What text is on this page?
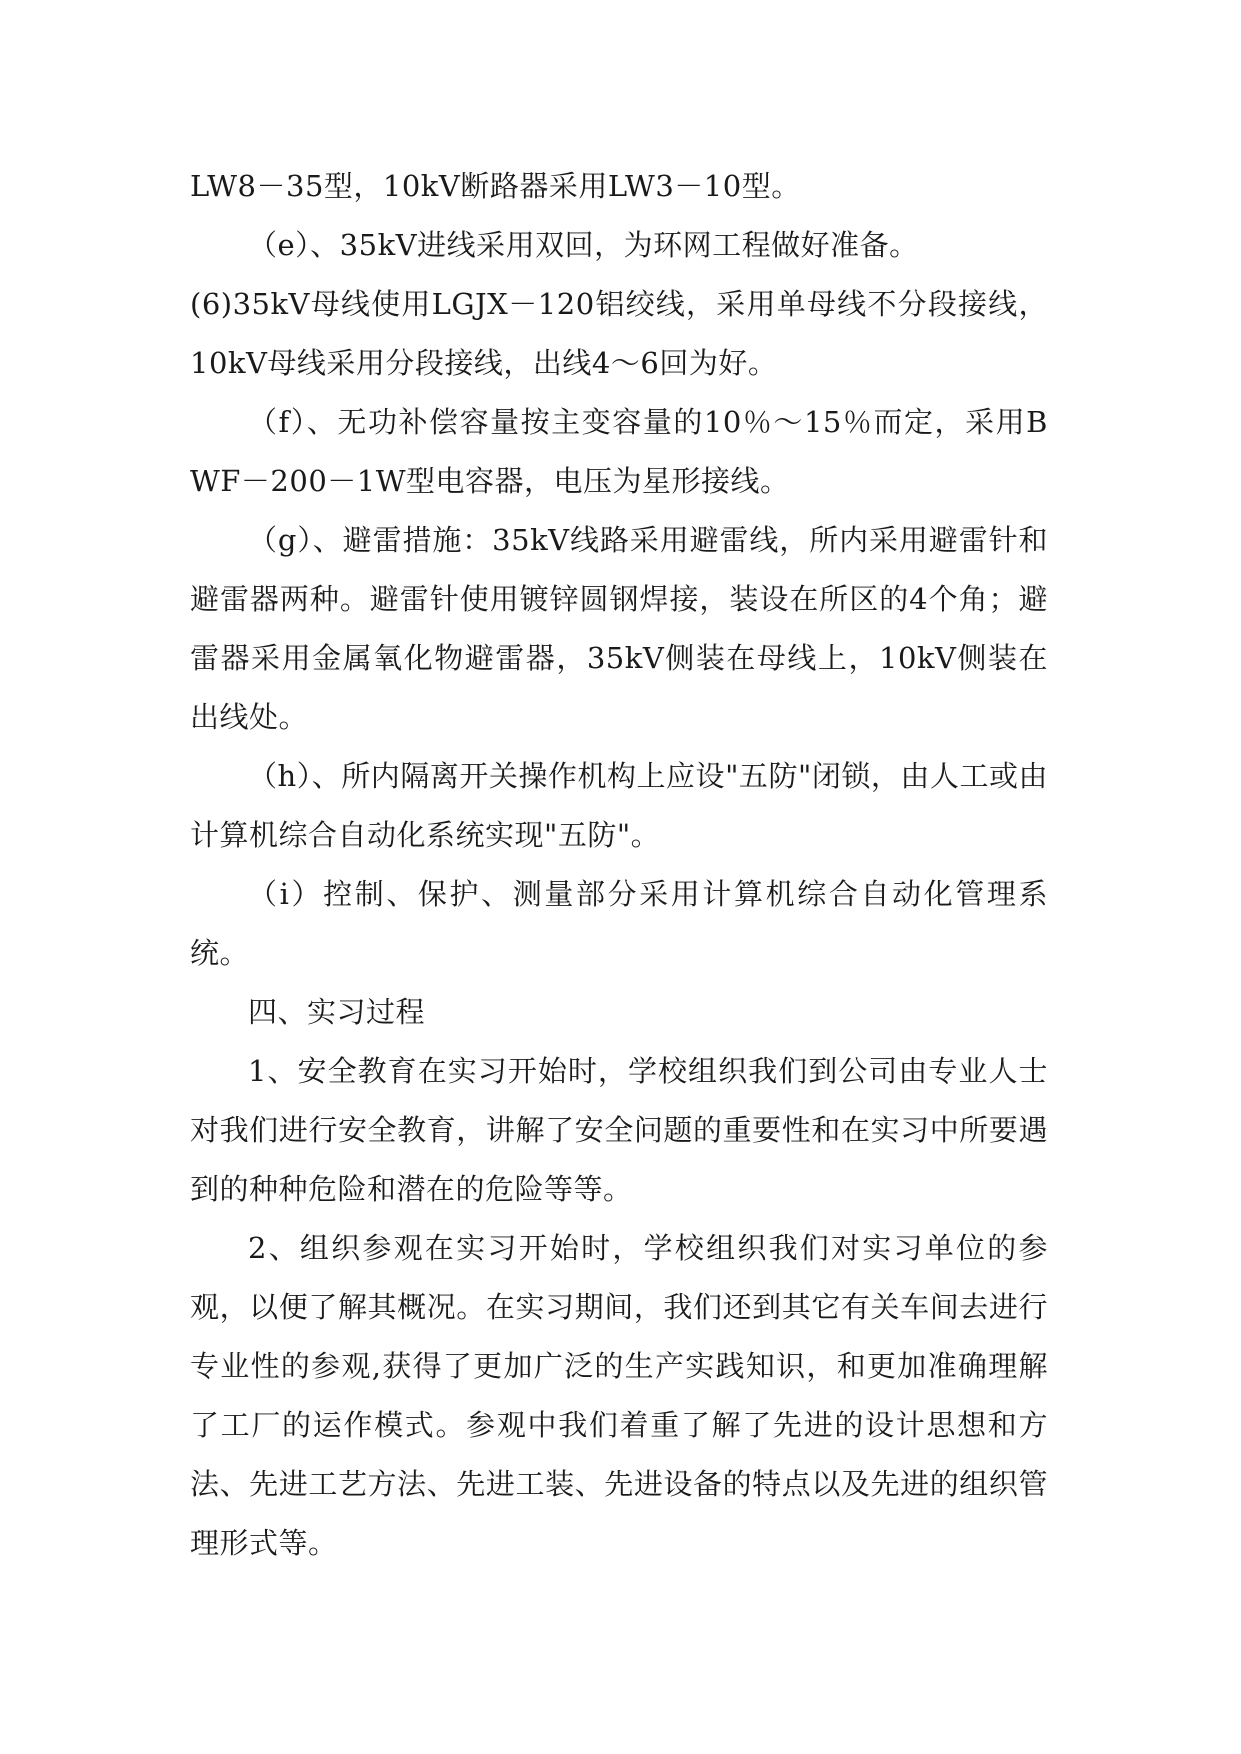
LW8－35型，10kV断路器采用LW3－10型。

（e）、35kV进线采用双回，为环网工程做好准备。

(6)35kV母线使用LGJX－120铝绞线，采用单母线不分段接线，10kV母线采用分段接线，出线4～6回为好。

（f）、无功补偿容量按主变容量的10％～15％而定，采用BWF－200－1W型电容器，电压为星形接线。

（g）、避雷措施：35kV线路采用避雷线，所内采用避雷针和避雷器两种。避雷针使用镀锌圆钢焊接，装设在所区的4个角；避雷器采用金属氧化物避雷器，35kV侧装在母线上，10kV侧装在出线处。

（h）、所内隔离开关操作机构上应设"五防"闭锁，由人工或由计算机综合自动化系统实现"五防"。

（i）控制、保护、测量部分采用计算机综合自动化管理系统。

四、实习过程

1、安全教育在实习开始时，学校组织我们到公司由专业人士对我们进行安全教育，讲解了安全问题的重要性和在实习中所要遇到的种种危险和潜在的危险等等。

2、组织参观在实习开始时，学校组织我们对实习单位的参观，以便了解其概况。在实习期间，我们还到其它有关车间去进行专业性的参观,获得了更加广泛的生产实践知识，和更加准确理解了工厂的运作模式。参观中我们着重了解了先进的设计思想和方法、先进工艺方法、先进工装、先进设备的特点以及先进的组织管理形式等。
